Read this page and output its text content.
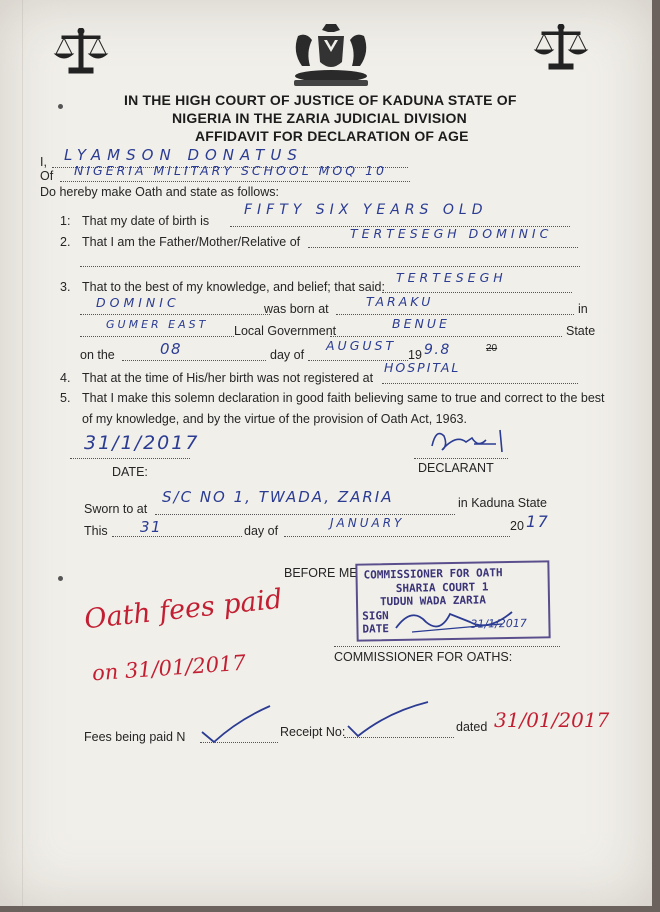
IN THE HIGH COURT OF JUSTICE OF KADUNA STATE OF
NIGERIA IN THE ZARIA JUDICIAL DIVISION
AFFIDAVIT FOR DECLARATION OF AGE
I, LYAMSON DONATUS
Of NIGERIA MILITARY SCHOOL MOQ 10
Do hereby make Oath and state as follows:
1: That my date of birth is
FIFTY SIX YEARS OLD
2. That I am the Father/Mother/Relative of
TERTESEGH DOMINIC
3. That to the best of my knowledge, and belief; that said:
TERTESEGH
DOMINIC	was born at	TARAKU	in
GUMER EAST Local Government	BENUE	State
on the	08	day of
AUGUST
19 9.8	20
4. That at the time of His/her birth was not registered at
HOSPITAL
5. That I make this solemn declaration in good faith believing same to true and correct to the best
of my knowledge, and by the virtue of the provision of Oath Act, 1963.
31/1/2017
DATE:	DECLARANT
Sworn to at
S/C NO 1, TWADA, ZARIA	in Kaduna State
This 31	day of
JANUARY	20 17
BEFORE ME COMMISSIONER FOR OATH
SHARIA COURT 1
TUDUN WADA ZARIA
SIGN
DATE	31/1/2017
COMMISSIONER FOR OATHS:
Oath fees paid
on 31/01/2017
Fees being paid N	Receipt No:	dated 31/01/2017
